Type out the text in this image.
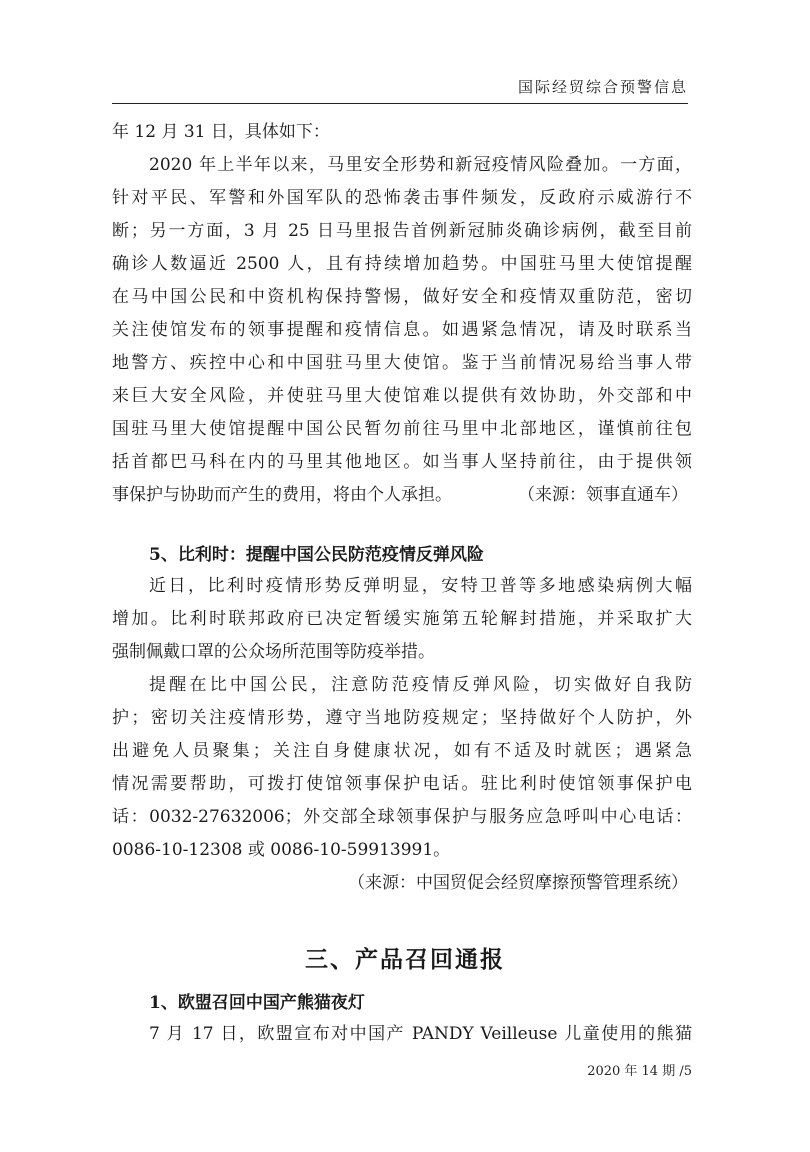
国际经贸综合预警信息
年 12 月 31 日，具体如下：
2020 年上半年以来，马里安全形势和新冠疫情风险叠加。一方面，
针对平民、军警和外国军队的恐怖袭击事件频发，反政府示威游行不
断；另一方面，3 月 25 日马里报告首例新冠肺炎确诊病例，截至目前
确诊人数逼近 2500 人，且有持续增加趋势。中国驻马里大使馆提醒
在马中国公民和中资机构保持警惕，做好安全和疫情双重防范，密切
关注使馆发布的领事提醒和疫情信息。如遇紧急情况，请及时联系当
地警方、疾控中心和中国驻马里大使馆。鉴于当前情况易给当事人带
来巨大安全风险，并使驻马里大使馆难以提供有效协助，外交部和中
国驻马里大使馆提醒中国公民暂勿前往马里中北部地区，谨慎前往包
括首都巴马科在内的马里其他地区。如当事人坚持前往，由于提供领
事保护与协助而产生的费用，将由个人承担。	（来源：领事直通车）
5、比利时：提醒中国公民防范疫情反弹风险
近日，比利时疫情形势反弹明显，安特卫普等多地感染病例大幅
增加。比利时联邦政府已决定暂缓实施第五轮解封措施，并采取扩大
强制佩戴口罩的公众场所范围等防疫举措。
提醒在比中国公民，注意防范疫情反弹风险，切实做好自我防
护；密切关注疫情形势，遵守当地防疫规定；坚持做好个人防护，外
出避免人员聚集；关注自身健康状况，如有不适及时就医；遇紧急
情况需要帮助，可拨打使馆领事保护电话。驻比利时使馆领事保护电
话：0032-27632006；外交部全球领事保护与服务应急呼叫中心电话：
0086-10-12308 或 0086-10-59913991。
（来源：中国贸促会经贸摩擦预警管理系统）
三、产品召回通报
1、欧盟召回中国产熊猫夜灯
7 月 17 日，欧盟宣布对中国产 PANDY Veilleuse 儿童使用的熊猫
2020 年 14 期 /5
